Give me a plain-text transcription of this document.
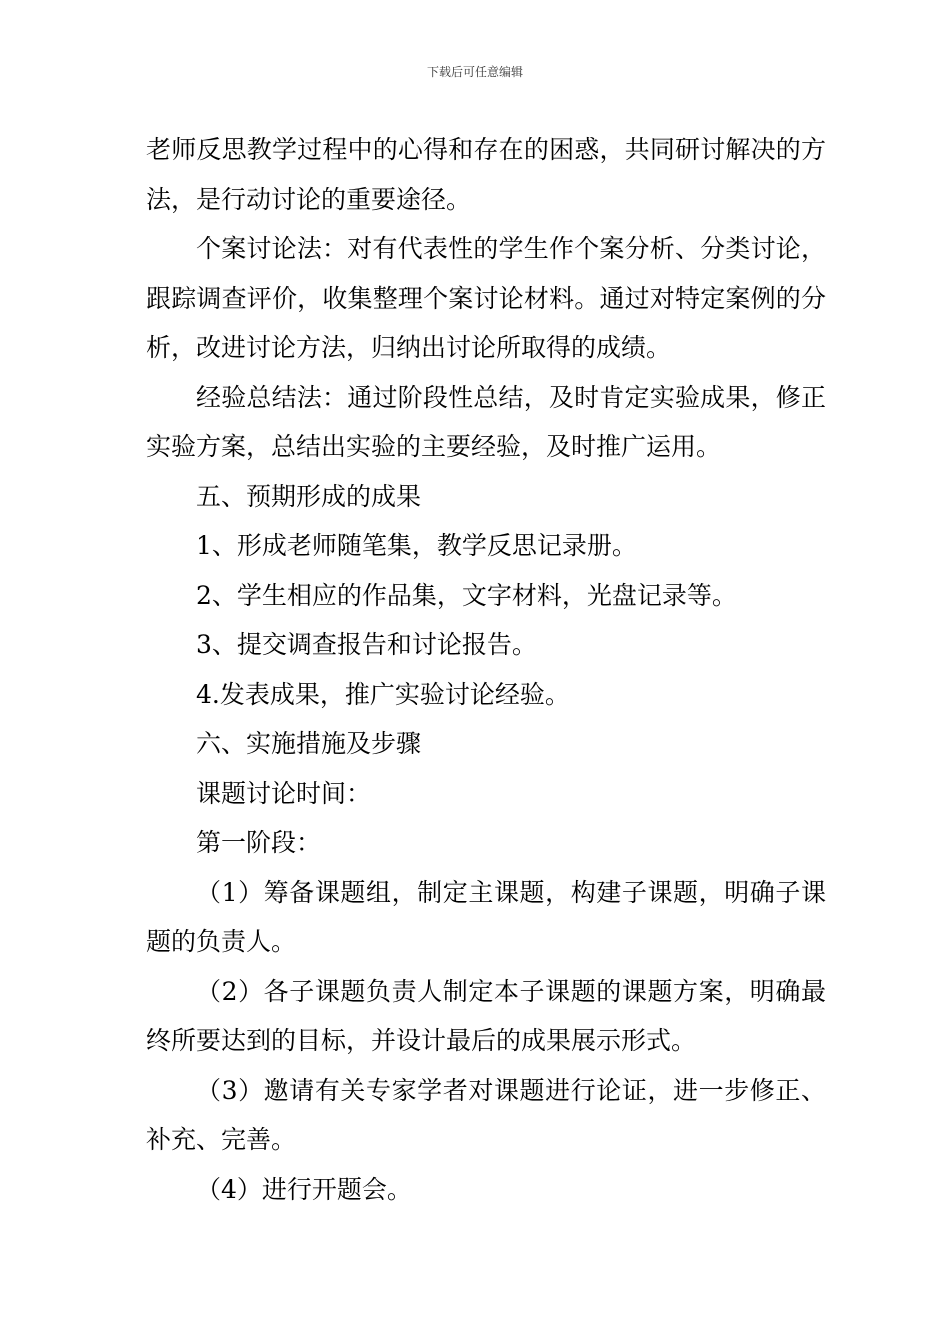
下载后可任意编辑

老师反思教学过程中的心得和存在的困惑，共同研讨解决的方法，是行动讨论的重要途径。

个案讨论法：对有代表性的学生作个案分析、分类讨论，跟踪调查评价，收集整理个案讨论材料。通过对特定案例的分析，改进讨论方法，归纳出讨论所取得的成绩。

经验总结法：通过阶段性总结，及时肯定实验成果，修正实验方案，总结出实验的主要经验，及时推广运用。

五、预期形成的成果

1、形成老师随笔集，教学反思记录册。

2、学生相应的作品集，文字材料，光盘记录等。

3、提交调查报告和讨论报告。

4.发表成果，推广实验讨论经验。

六、实施措施及步骤

课题讨论时间：

第一阶段：

（1）筹备课题组，制定主课题，构建子课题，明确子课题的负责人。

（2）各子课题负责人制定本子课题的课题方案，明确最终所要达到的目标，并设计最后的成果展示形式。

（3）邀请有关专家学者对课题进行论证，进一步修正、补充、完善。

（4）进行开题会。
